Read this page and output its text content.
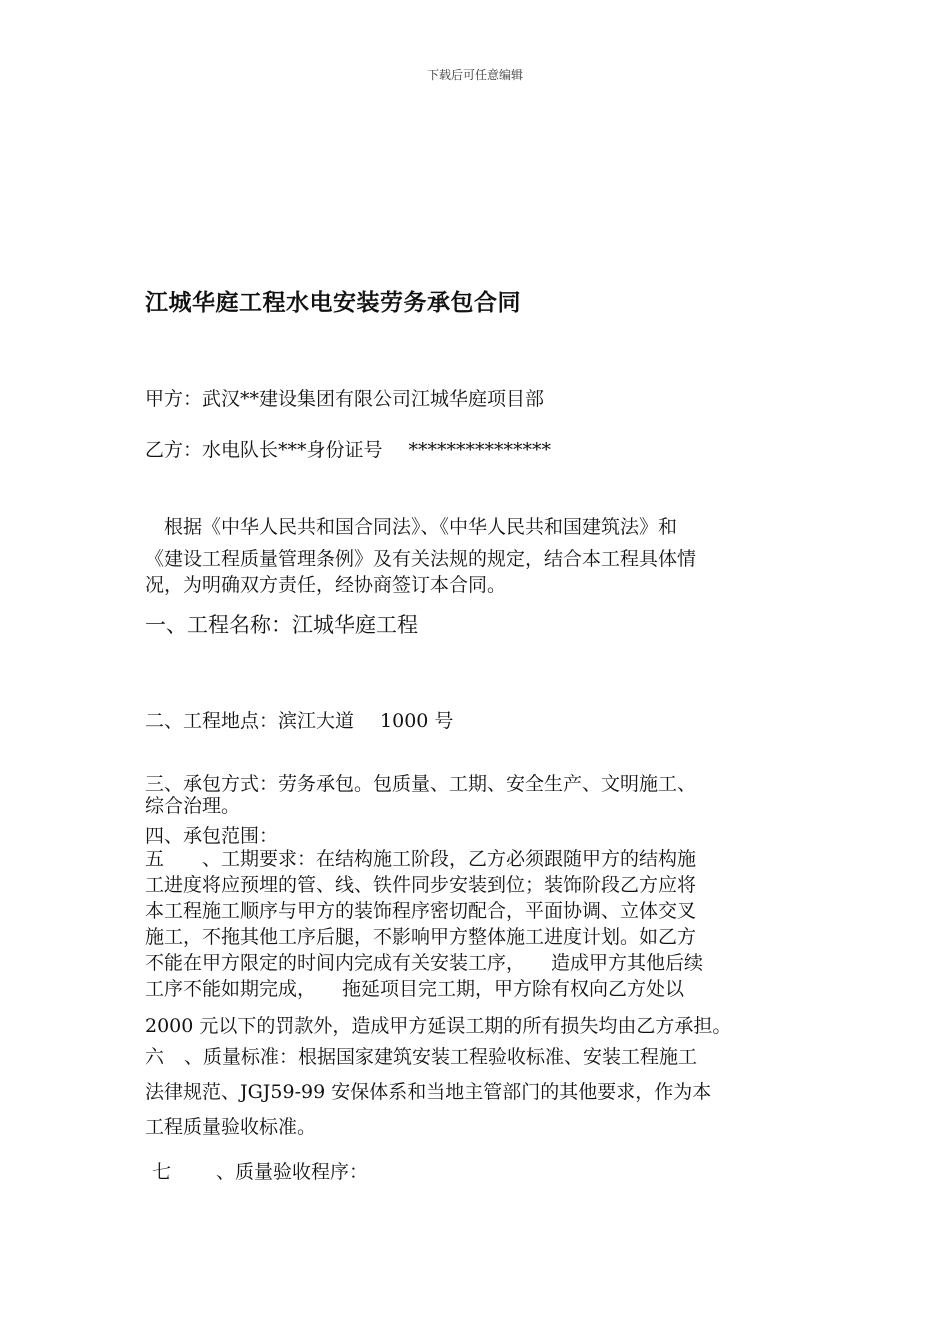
下载后可任意编辑
江城华庭工程水电安装劳务承包合同
甲方：武汉**建设集团有限公司江城华庭项目部
乙方：水电队长***身份证号 ***************
根据《中华人民共和国合同法》、《中华人民共和国建筑法》和
《建设工程质量管理条例》及有关法规的规定，结合本工程具体情
况，为明确双方责任，经协商签订本合同。
一、工程名称：江城华庭工程
二、工程地点：滨江大道 1000 号
三、承包方式：劳务承包。包质量、工期、安全生产、文明施工、
综合治理。
四、承包范围：
五 、工期要求：在结构施工阶段，乙方必须跟随甲方的结构施
工进度将应预埋的管、线、铁件同步安装到位；装饰阶段乙方应将
本工程施工顺序与甲方的装饰程序密切配合，平面协调、立体交叉
施工，不拖其他工序后腿，不影响甲方整体施工进度计划。如乙方
不能在甲方限定的时间内完成有关安装工序， 造成甲方其他后续
工序不能如期完成， 拖延项目完工期，甲方除有权向乙方处以
2000 元以下的罚款外，造成甲方延误工期的所有损失均由乙方承担。
六 、质量标准：根据国家建筑安装工程验收标准、安装工程施工
法律规范、JGJ59-99 安保体系和当地主管部门的其他要求，作为本
工程质量验收标准。
七 、质量验收程序：
